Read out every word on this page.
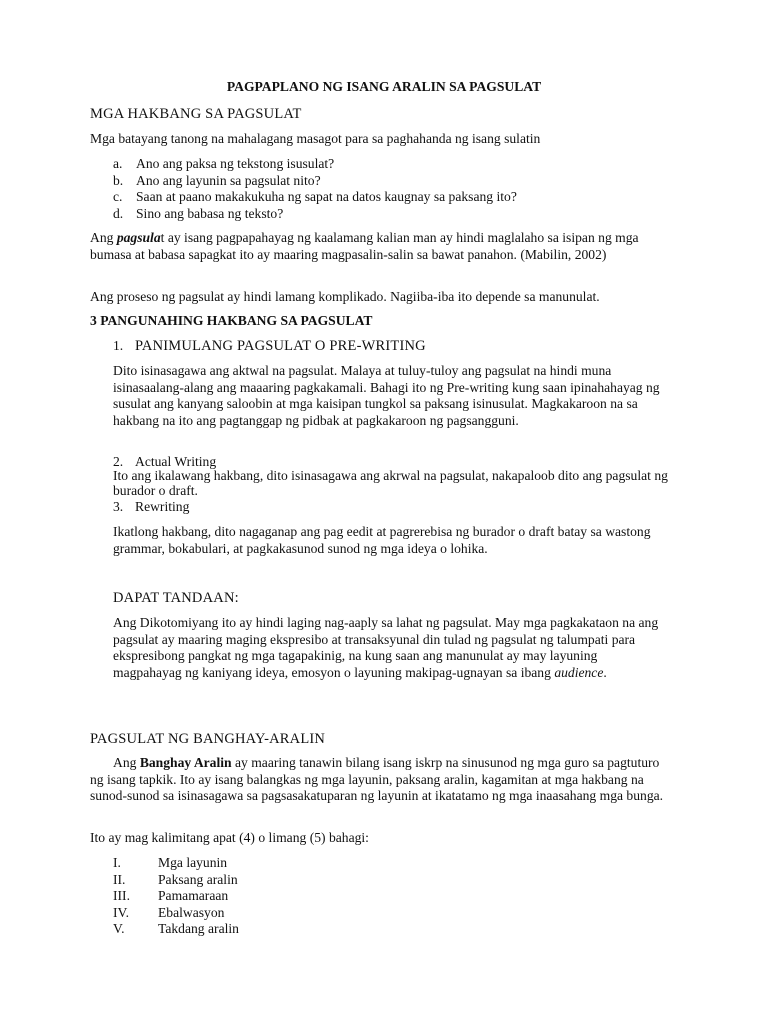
PAGPAPLANO NG ISANG ARALIN SA PAGSULAT

MGA HAKBANG SA PAGSULAT

Mga batayang tanong na mahalagang masagot para sa paghahanda ng isang sulatin

a. Ano ang paksa ng tekstong isusulat?
b. Ano ang layunin sa pagsulat nito?
c. Saan at paano makakukuha ng sapat na datos kaugnay sa paksang ito?
d. Sino ang babasa ng teksto?

Ang pagsulat ay isang pagpapahayag ng kaalamang kalian man ay hindi maglalaho sa isipan ng mga bumasa at babasa sapagkat ito ay maaring magpasalin-salin sa bawat panahon. (Mabilin, 2002)

Ang proseso ng pagsulat ay hindi lamang komplikado. Nagiiba-iba ito depende sa manunulat.

3 PANGUNAHING HAKBANG SA PAGSULAT

1. PANIMULANG PAGSULAT O PRE-WRITING

Dito isinasagawa ang aktwal na pagsulat. Malaya at tuluy-tuloy ang pagsulat na hindi muna isinasaalang-alang ang maaaring pagkakamali. Bahagi ito ng Pre-writing kung saan ipinahahayag ng susulat ang kanyang saloobin at mga kaisipan tungkol sa paksang isinusulat. Magkakaroon na sa hakbang na ito ang pagtanggap ng pidbak at pagkakaroon ng pagsangguni.

2. Actual Writing

Ito ang ikalawang hakbang, dito isinasagawa ang akrwal na pagsulat, nakapaloob dito ang pagsulat ng burador o draft.

3. Rewriting

Ikatlong hakbang, dito nagaganap ang pag eedit at pagrerebisa ng burador o draft batay sa wastong grammar, bokabulari, at pagkakasunod sunod ng mga ideya o lohika.

DAPAT TANDAAN:

Ang Dikotomiyang ito ay hindi laging nag-aaply sa lahat ng pagsulat. May mga pagkakataon na ang pagsulat ay maaring maging ekspresibo at transaksyunal din tulad ng pagsulat ng talumpati para ekspresibong pangkat ng mga tagapakinig, na kung saan ang manunulat ay may layuning magpahayag ng kaniyang ideya, emosyon o layuning makipag-ugnayan sa ibang audience.

PAGSULAT NG BANGHAY-ARALIN

Ang Banghay Aralin ay maaring tanawin bilang isang iskrp na sinusunod ng mga guro sa pagtuturo ng isang tapkik. Ito ay isang balangkas ng mga layunin, paksang aralin, kagamitan at mga hakbang na sunod-sunod sa isinasagawa sa pagsasakatuparan ng layunin at ikatatamo ng mga inaasahang mga bunga.

Ito ay mag kalimitang apat (4) o limang (5) bahagi:

I.	Mga layunin
II. Paksang aralin
III. Pamamaraan
IV. Ebalwasyon
V. Takdang aralin
